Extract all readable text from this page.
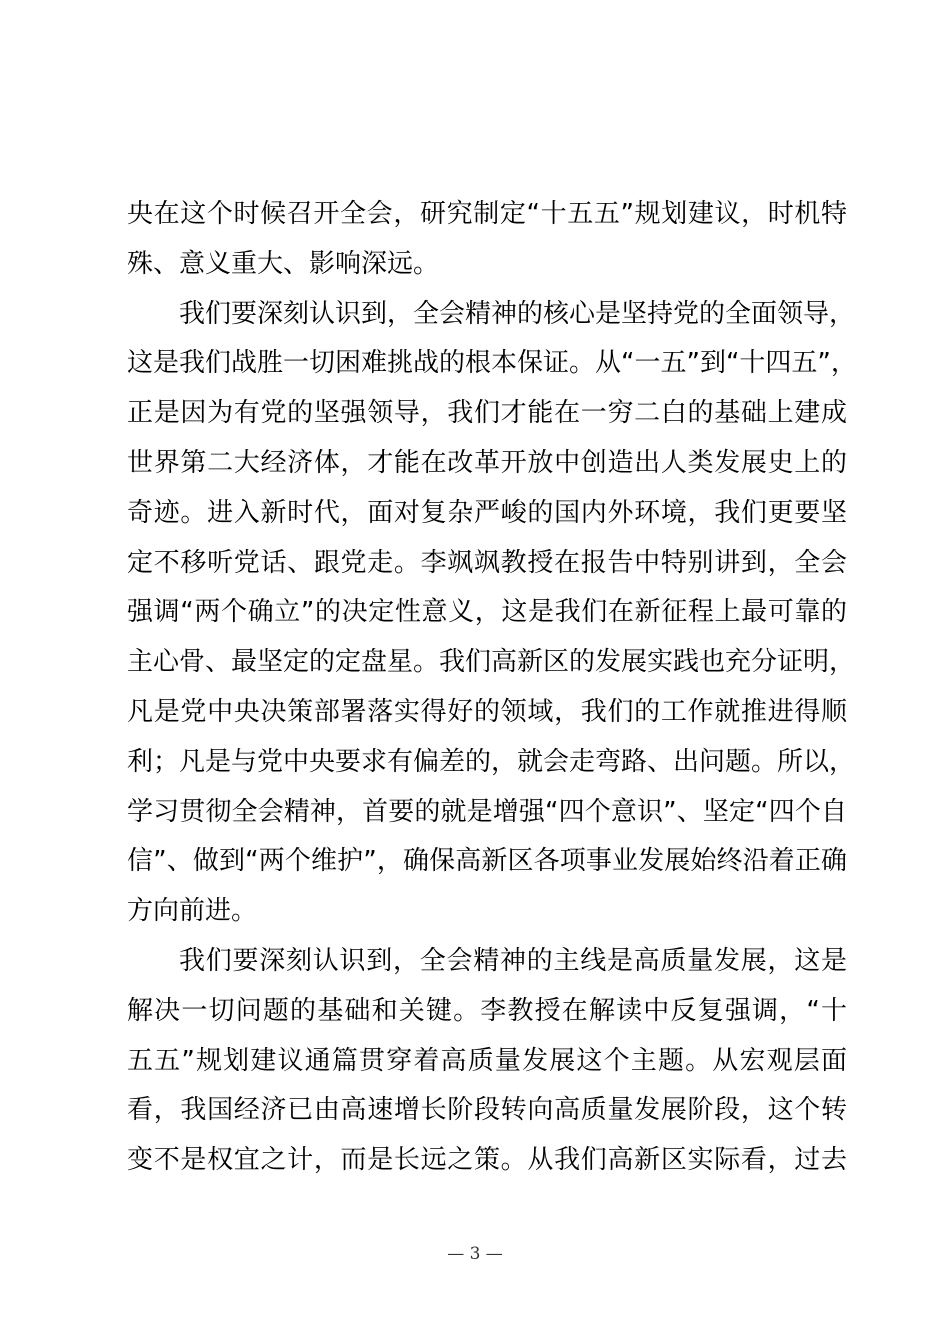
央在这个时候召开全会，研究制定“十五五”规划建议，时机特
殊、意义重大、影响深远。
我们要深刻认识到，全会精神的核心是坚持党的全面领导，
这是我们战胜一切困难挑战的根本保证。从“一五”到“十四五”，
正是因为有党的坚强领导，我们才能在一穷二白的基础上建成
世界第二大经济体，才能在改革开放中创造出人类发展史上的
奇迹。进入新时代，面对复杂严峻的国内外环境，我们更要坚
定不移听党话、跟党走。李飒飒教授在报告中特别讲到，全会
强调“两个确立”的决定性意义，这是我们在新征程上最可靠的
主心骨、最坚定的定盘星。我们高新区的发展实践也充分证明，
凡是党中央决策部署落实得好的领域，我们的工作就推进得顺
利；凡是与党中央要求有偏差的，就会走弯路、出问题。所以，
学习贯彻全会精神，首要的就是增强“四个意识”、坚定“四个自
信”、做到“两个维护”，确保高新区各项事业发展始终沿着正确
方向前进。
我们要深刻认识到，全会精神的主线是高质量发展，这是
解决一切问题的基础和关键。李教授在解读中反复强调，“十
五五”规划建议通篇贯穿着高质量发展这个主题。从宏观层面
看，我国经济已由高速增长阶段转向高质量发展阶段，这个转
变不是权宜之计，而是长远之策。从我们高新区实际看，过去
— 3 —
